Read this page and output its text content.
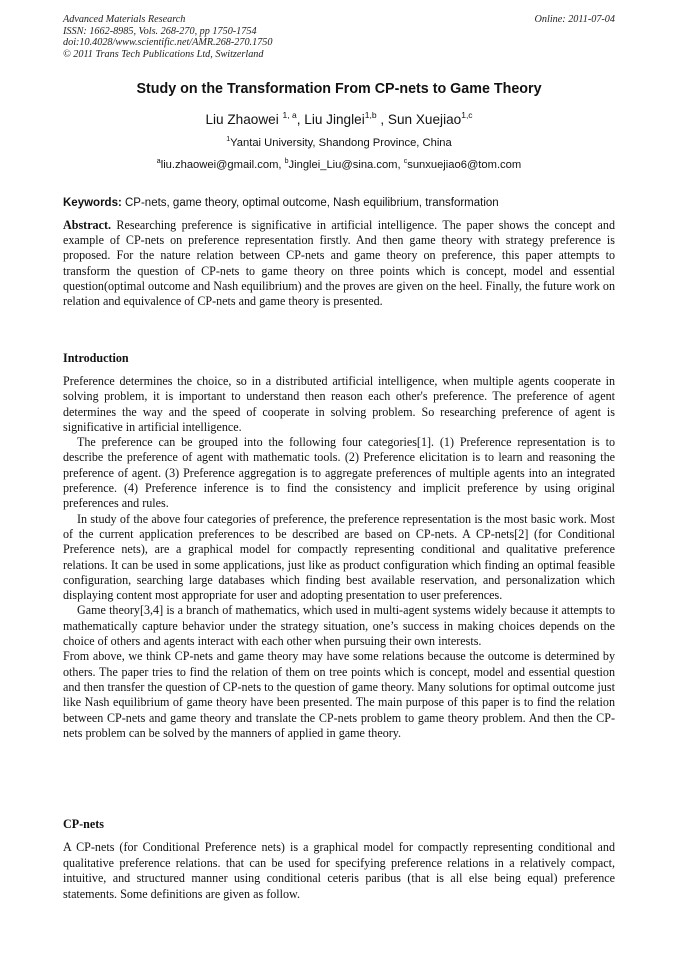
Advanced Materials Research
ISSN: 1662-8985, Vols. 268-270, pp 1750-1754
doi:10.4028/www.scientific.net/AMR.268-270.1750
© 2011 Trans Tech Publications Ltd, Switzerland
Online: 2011-07-04
Study on the Transformation From CP-nets to Game Theory
Liu Zhaowei $^{1, a}$, Liu Jinglei$^{1,b}$ , Sun Xuejiao$^{1,c}$
$^1$Yantai University, Shandong Province, China
$^a$liu.zhaowei@gmail.com, $^b$Jinglei_Liu@sina.com, $^c$sunxuejiao6@tom.com
Keywords: CP-nets, game theory, optimal outcome, Nash equilibrium, transformation
Abstract. Researching preference is significative in artificial intelligence. The paper shows the concept and example of CP-nets on preference representation firstly. And then game theory with strategy preference is proposed. For the nature relation between CP-nets and game theory on preference, this paper attempts to transform the question of CP-nets to game theory on three points which is concept, model and essential question(optimal outcome and Nash equilibrium) and the proves are given on the heel. Finally, the future work on relation and equivalence of CP-nets and game theory is presented.
Introduction

Preference determines the choice, so in a distributed artificial intelligence, when multiple agents cooperate in solving problem, it is important to understand then reason each other's preference. The preference of agent determines the way and the speed of cooperate in solving problem. So researching preference of agent is significative in artificial intelligence.

The preference can be grouped into the following four categories[1]. (1) Preference representation is to describe the preference of agent with mathematic tools. (2) Preference elicitation is to learn and reasoning the preference of agent. (3) Preference aggregation is to aggregate preferences of multiple agents into an integrated preference. (4) Preference inference is to find the consistency and implicit preference by using original preferences and rules.

In study of the above four categories of preference, the preference representation is the most basic work. Most of the current application preferences to be described are based on CP-nets. A CP-nets[2] (for Conditional Preference nets), are a graphical model for compactly representing conditional and qualitative preference relations. It can be used in some applications, just like as product configuration which finding an optimal feasible configuration, searching large databases which finding best available reservation, and personalization which displaying content most appropriate for user and adopting presentation to user preferences.

Game theory[3,4] is a branch of mathematics, which used in multi-agent systems widely because it attempts to mathematically capture behavior under the strategy situation, one’s success in making choices depends on the choice of others and agents interact with each other when pursuing their own interests.

From above, we think CP-nets and game theory may have some relations because the outcome is determined by others. The paper tries to find the relation of them on tree points which is concept, model and essential question and then transfer the question of CP-nets to the question of game theory. Many solutions for optimal outcome just like Nash equilibrium of game theory have been presented. The main purpose of this paper is to find the relation between CP-nets and game theory and translate the CP-nets problem to game theory problem. And then the CP-nets problem can be solved by the manners of applied in game theory.

CP-nets

A CP-nets (for Conditional Preference nets) is a graphical model for compactly representing conditional and qualitative preference relations. that can be used for specifying preference relations in a relatively compact, intuitive, and structured manner using conditional ceteris paribus (that is all else being equal) preference statements. Some definitions are given as follow.
